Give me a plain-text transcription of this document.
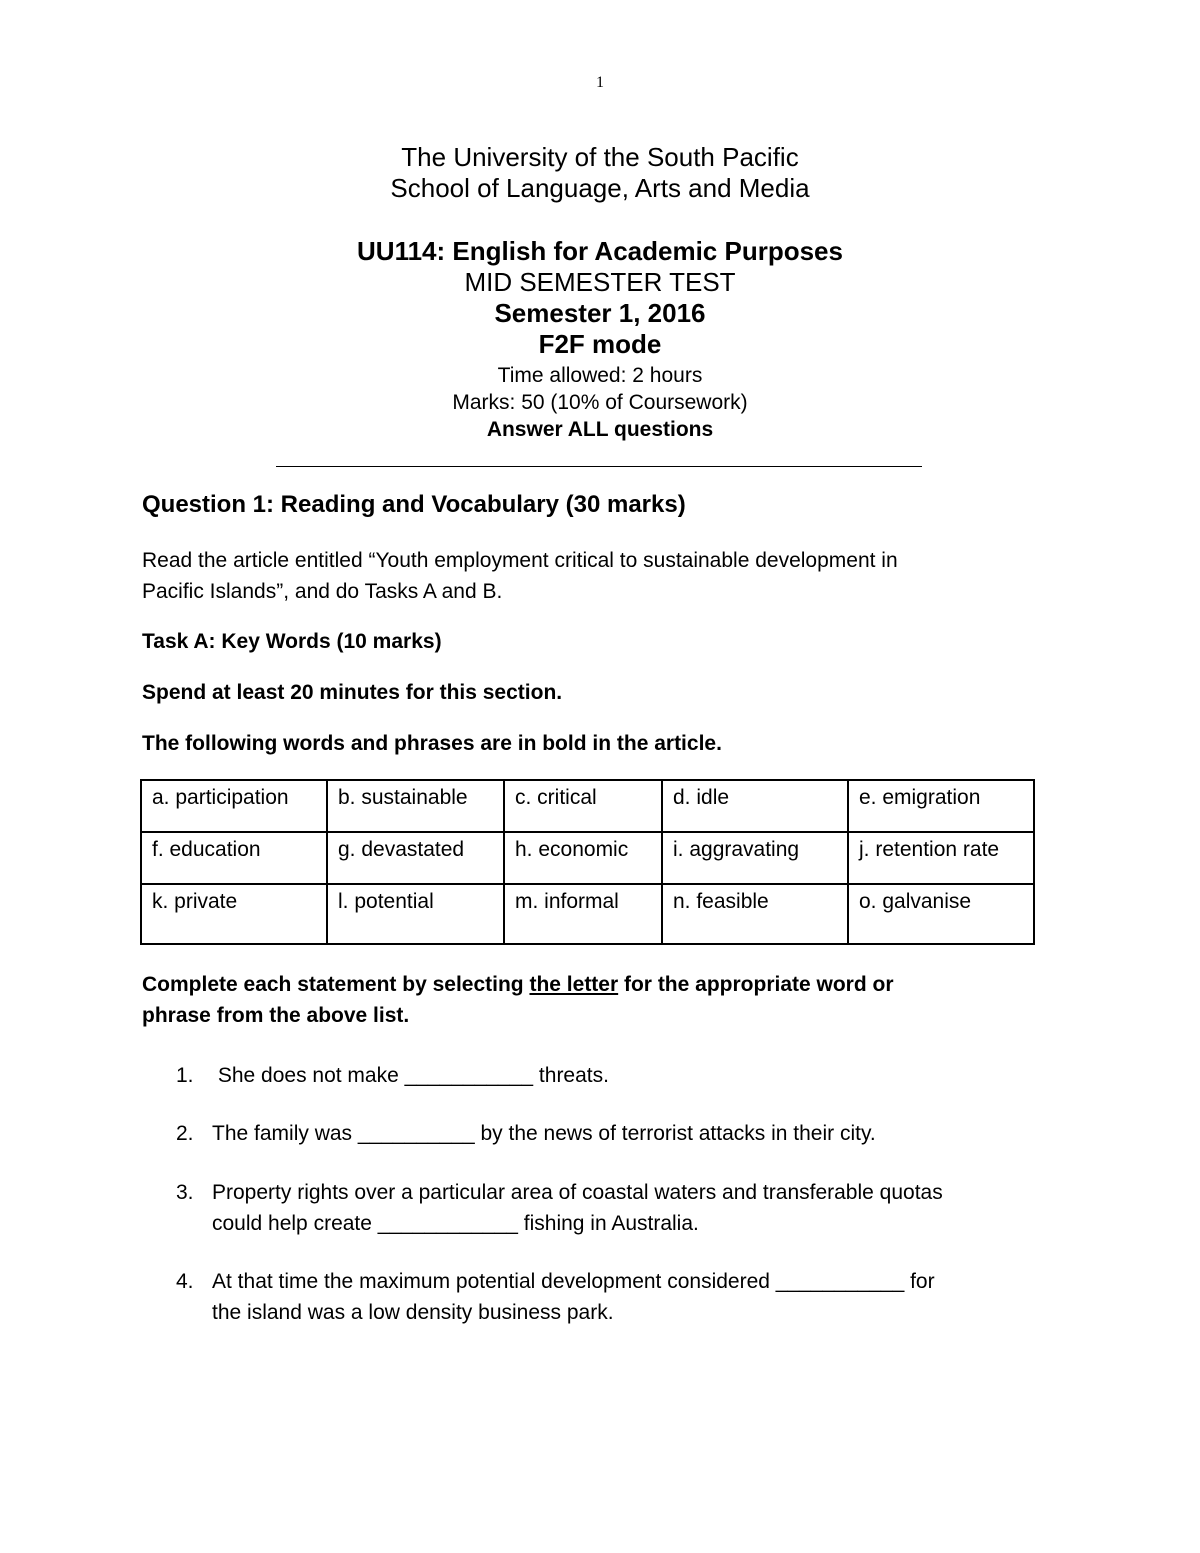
1
The University of the South Pacific
School of Language, Arts and Media
UU114: English for Academic Purposes
MID SEMESTER TEST
Semester 1, 2016
F2F mode
Time allowed: 2 hours
Marks: 50 (10% of Coursework)
Answer ALL questions
Question 1: Reading and Vocabulary (30 marks)
Read the article entitled “Youth employment critical to sustainable development in
Pacific Islands”, and do Tasks A and B.
Task A: Key Words (10 marks)
Spend at least 20 minutes for this section.
The following words and phrases are in bold in the article.
a. participation	b. sustainable	c. critical	d. idle	e. emigration
f. education	g. devastated	h. economic	i. aggravating	j. retention rate
k. private	l. potential	m. informal	n. feasible	o. galvanise
Complete each statement by selecting the letter for the appropriate word or
phrase from the above list.
1. She does not make ___________ threats.
2. The family was __________ by the news of terrorist attacks in their city.
3. Property rights over a particular area of coastal waters and transferable quotas
could help create ____________ fishing in Australia.
4. At that time the maximum potential development considered ___________ for
the island was a low density business park.
